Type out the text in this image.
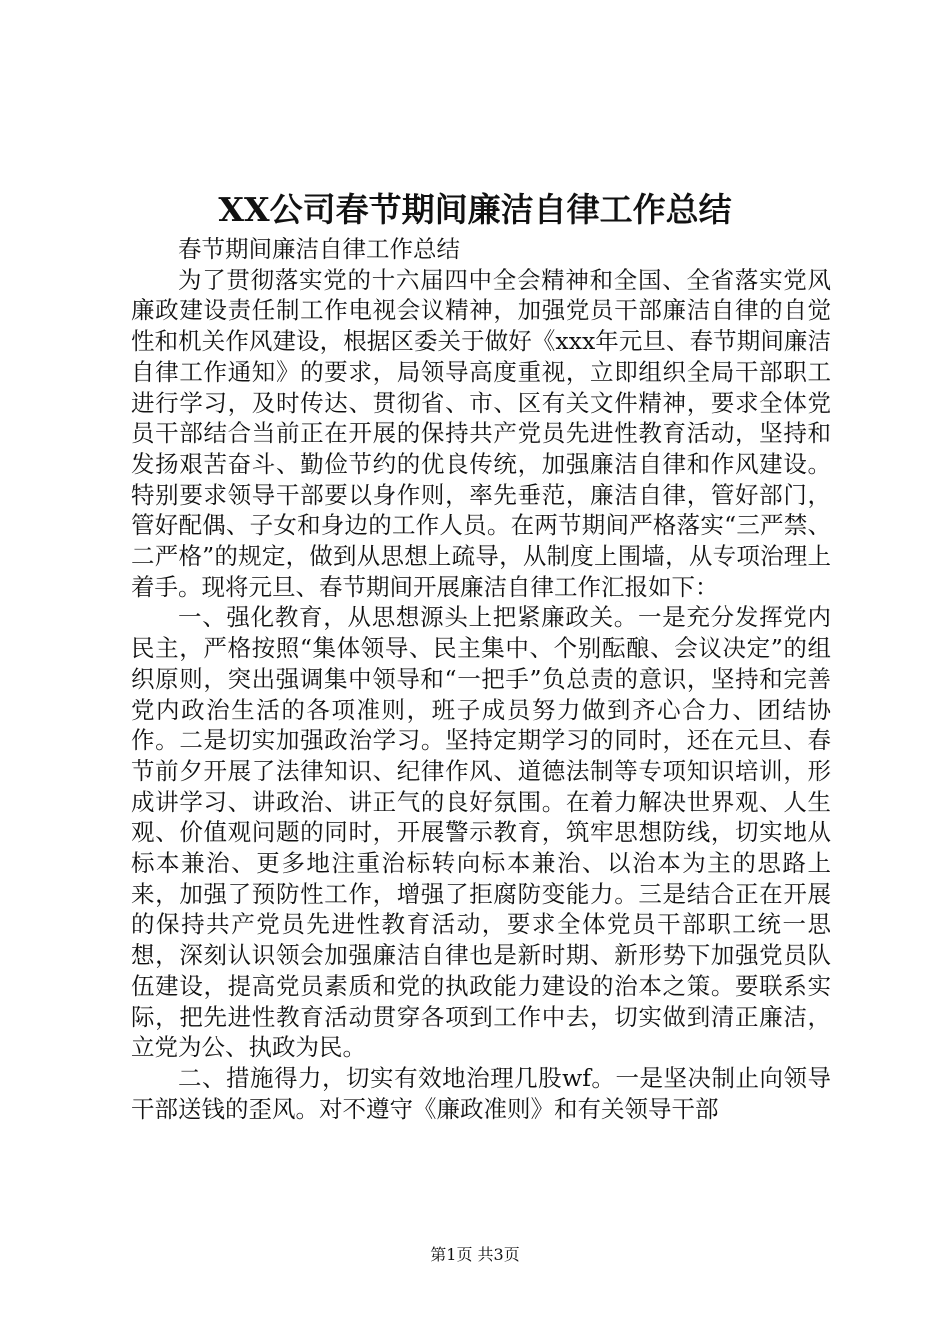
XX公司春节期间廉洁自律工作总结

春节期间廉洁自律工作总结

为了贯彻落实党的十六届四中全会精神和全国、全省落实党风廉政建设责任制工作电视会议精神，加强党员干部廉洁自律的自觉性和机关作风建设，根据区委关于做好《xxx年元旦、春节期间廉洁自律工作通知》的要求，局领导高度重视，立即组织全局干部职工进行学习，及时传达、贯彻省、市、区有关文件精神，要求全体党员干部结合当前正在开展的保持共产党员先进性教育活动，坚持和发扬艰苦奋斗、勤俭节约的优良传统，加强廉洁自律和作风建设。特别要求领导干部要以身作则，率先垂范，廉洁自律，管好部门，管好配偶、子女和身边的工作人员。在两节期间严格落实“三严禁、二严格”的规定，做到从思想上疏导，从制度上围墙，从专项治理上着手。现将元旦、春节期间开展廉洁自律工作汇报如下：

一、强化教育，从思想源头上把紧廉政关。一是充分发挥党内民主，严格按照“集体领导、民主集中、个别酝酿、会议决定”的组织原则，突出强调集中领导和“一把手”负总责的意识，坚持和完善党内政治生活的各项准则，班子成员努力做到齐心合力、团结协作。二是切实加强政治学习。坚持定期学习的同时，还在元旦、春节前夕开展了法律知识、纪律作风、道德法制等专项知识培训，形成讲学习、讲政治、讲正气的良好氛围。在着力解决世界观、人生观、价值观问题的同时，开展警示教育，筑牢思想防线，切实地从标本兼治、更多地注重治标转向标本兼治、以治本为主的思路上来，加强了预防性工作，增强了拒腐防变能力。三是结合正在开展的保持共产党员先进性教育活动，要求全体党员干部职工统一思想，深刻认识领会加强廉洁自律也是新时期、新形势下加强党员队伍建设，提高党员素质和党的执政能力建设的治本之策。要联系实际，把先进性教育活动贯穿各项到工作中去，切实做到清正廉洁，立党为公、执政为民。

二、措施得力，切实有效地治理几股wf。一是坚决制止向领导干部送钱的歪风。对不遵守《廉政准则》和有关领导干部

第1页 共3页
